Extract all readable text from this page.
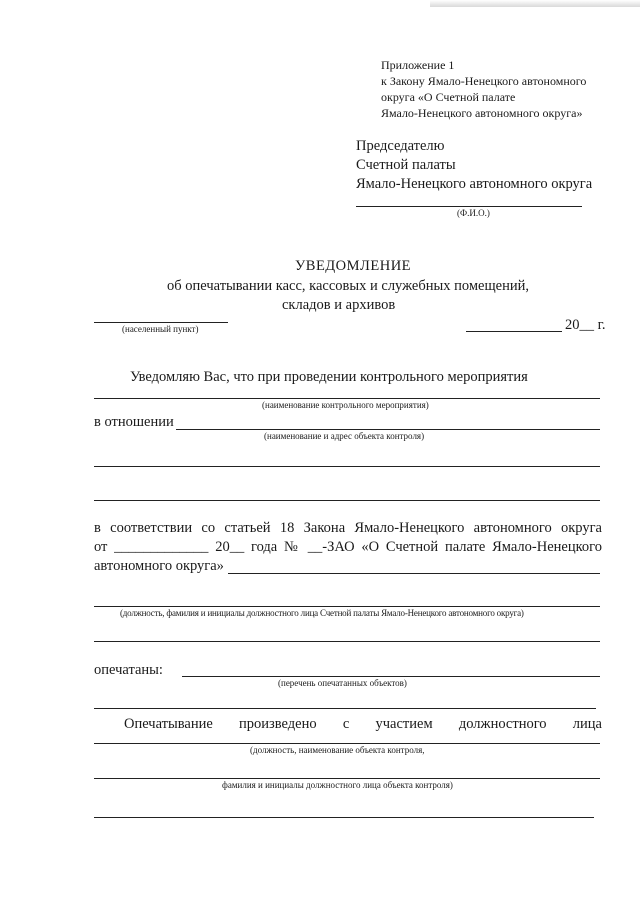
Приложение 1
к Закону Ямало-Ненецкого автономного
округа «О Счетной палате
Ямало-Ненецкого автономного округа»
Председателю
Счетной палаты
Ямало-Ненецкого автономного округа
(Ф.И.О.)
УВЕДОМЛЕНИЕ
об опечатывании касс, кассовых и служебных помещений,
складов и архивов
(населенный пункт)	20__ г.
Уведомляю Вас, что при проведении контрольного мероприятия
(наименование контрольного мероприятия)
в отношении
(наименование и адрес объекта контроля)
в соответствии со статьей 18 Закона Ямало-Ненецкого автономного округа
от _____________ 20__ года № __-ЗАО «О Счетной палате Ямало-Ненецкого
автономного округа»
(должность, фамилия и инициалы должностного лица Счетной палаты Ямало-Ненецкого автономного округа)
опечатаны:
(перечень опечатанных объектов)
Опечатывание произведено с участием должностного лица
(должность, наименование объекта контроля,
фамилия и инициалы должностного лица объекта контроля)
